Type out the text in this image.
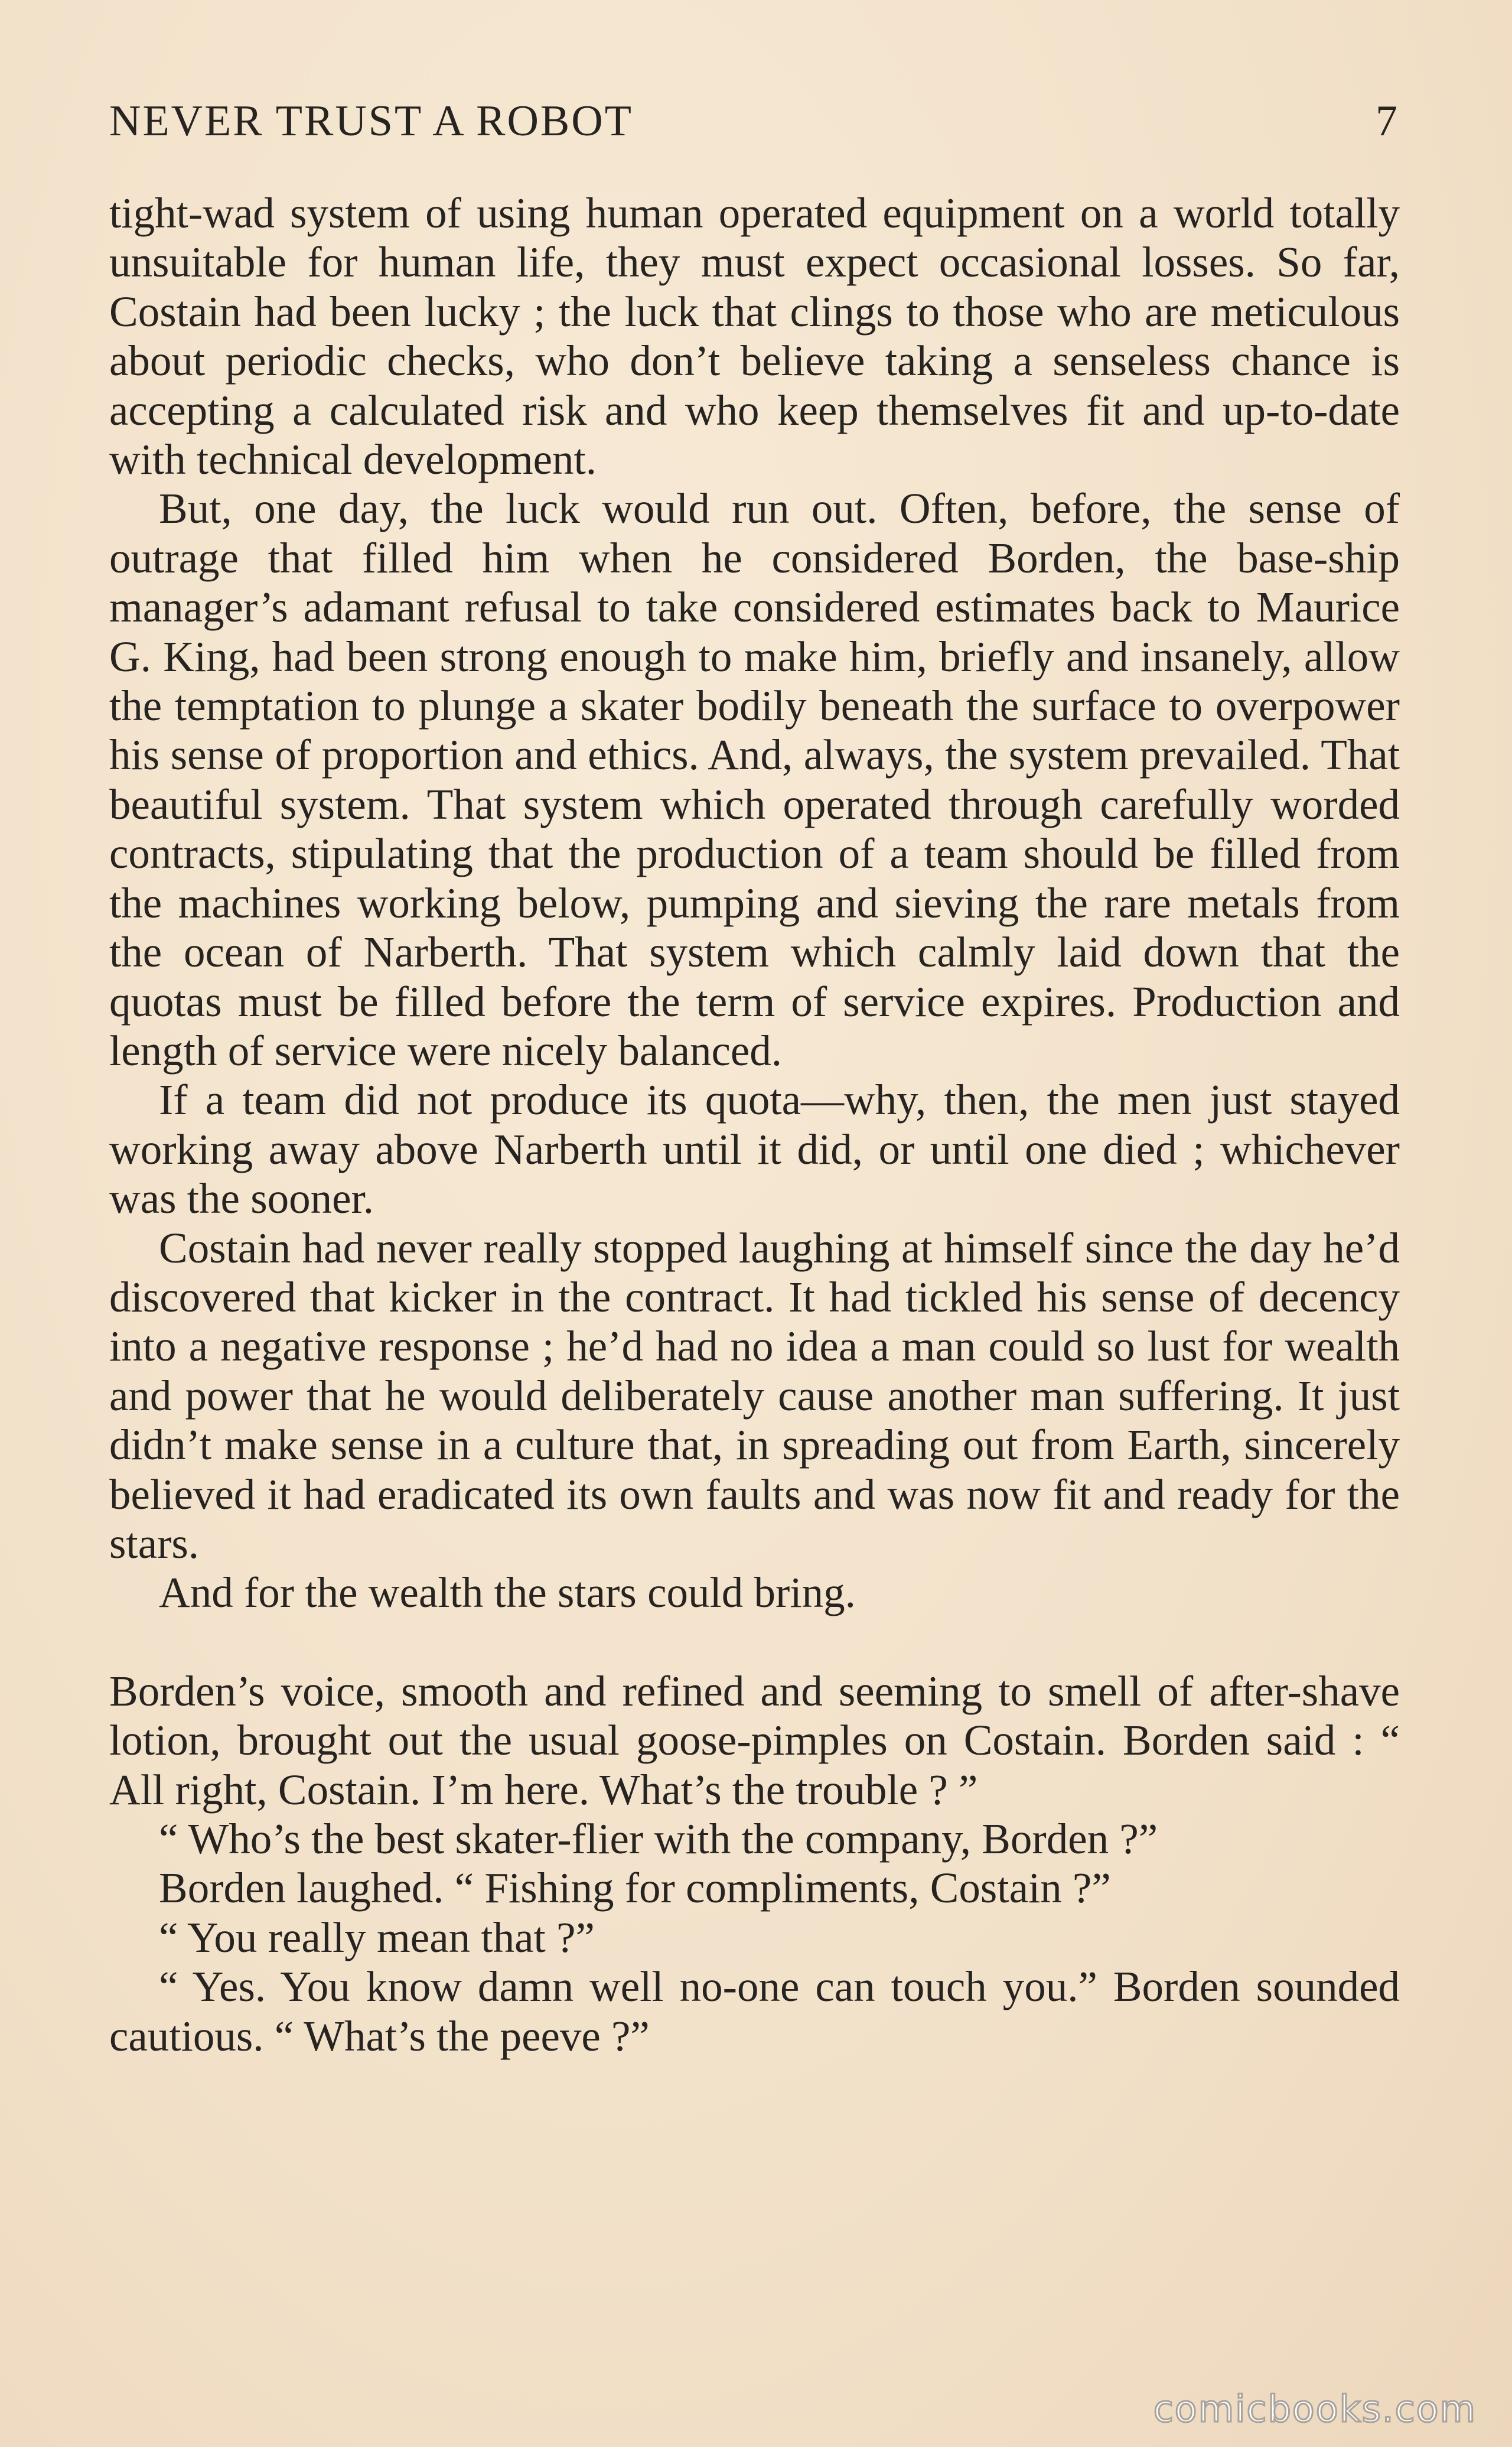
NEVER TRUST A ROBOT	7

tight-wad system of using human operated equipment on a world totally unsuitable for human life, they must expect occasional losses. So far, Costain had been lucky ; the luck that clings to those who are meticulous about periodic checks, who don’t believe taking a senseless chance is accepting a calculated risk and who keep themselves fit and up-to-date with technical development.

But, one day, the luck would run out. Often, before, the sense of outrage that filled him when he considered Borden, the base-ship manager’s adamant refusal to take considered estimates back to Maurice G. King, had been strong enough to make him, briefly and insanely, allow the temptation to plunge a skater bodily beneath the surface to overpower his sense of proportion and ethics. And, always, the system prevailed. That beautiful system. That system which operated through carefully worded contracts, stipulating that the production of a team should be filled from the machines working below, pumping and sieving the rare metals from the ocean of Narberth. That system which calmly laid down that the quotas must be filled before the term of service expires. Production and length of service were nicely balanced.

If a team did not produce its quota—why, then, the men just stayed working away above Narberth until it did, or until one died ; whichever was the sooner.

Costain had never really stopped laughing at himself since the day he’d discovered that kicker in the contract. It had tickled his sense of decency into a negative response ; he’d had no idea a man could so lust for wealth and power that he would deliberately cause another man suffering. It just didn’t make sense in a culture that, in spreading out from Earth, sincerely believed it had eradicated its own faults and was now fit and ready for the stars.

And for the wealth the stars could bring.

Borden’s voice, smooth and refined and seeming to smell of after-shave lotion, brought out the usual goose-pimples on Costain. Borden said : “ All right, Costain. I’m here. What’s the trouble ? ”

“ Who’s the best skater-flier with the company, Borden ?”

Borden laughed. “ Fishing for compliments, Costain ?”

“ You really mean that ?”

“ Yes. You know damn well no-one can touch you.” Borden sounded cautious. “ What’s the peeve ?”

comicbooks.com
